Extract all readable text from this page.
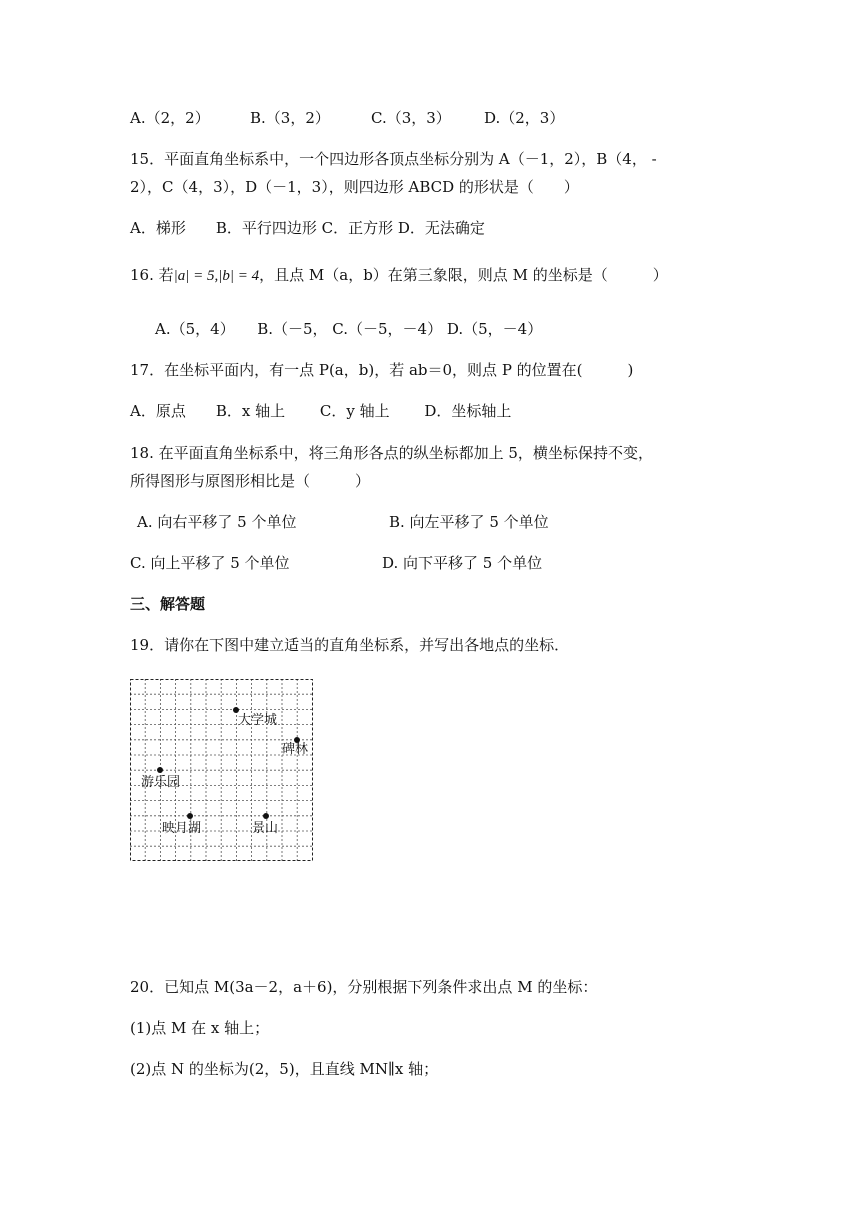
A.（2，2）	B.（3，2）	C.（3，3） D.（2，3）
15．平面直角坐标系中，一个四边形各顶点坐标分别为 A（－1，2），B（4， -
2），C（4，3），D（－1，3），则四边形 ABCD 的形状是（　　）
A．梯形　　B．平行四边形 C．正方形 D．无法确定
16. 若|a| = 5,|b| = 4，且点 M（a，b）在第三象限，则点 M 的坐标是（　　　）
A.（5，4）　　B.（－5， C.（－5，－4） D.（5，－4）
17．在坐标平面内，有一点 P(a，b)，若 ab＝0，则点 P 的位置在(　　　)
A．原点　　B．x 轴上　　 C．y 轴上　　 D．坐标轴上
18. 在平面直角坐标系中，将三角形各点的纵坐标都加上 5，横坐标保持不变，
所得图形与原图形相比是（　　　）
A. 向右平移了 5 个单位	B. 向左平移了 5 个单位
C. 向上平移了 5 个单位	D. 向下平移了 5 个单位
三、解答题
19．请你在下图中建立适当的直角坐标系，并写出各地点的坐标．
大学城
碑林
游乐园
映月湖	景山
20．已知点 M(3a－2，a＋6)，分别根据下列条件求出点 M 的坐标：
(1)点 M 在 x 轴上；
(2)点 N 的坐标为(2，5)，且直线 MN∥x 轴；
